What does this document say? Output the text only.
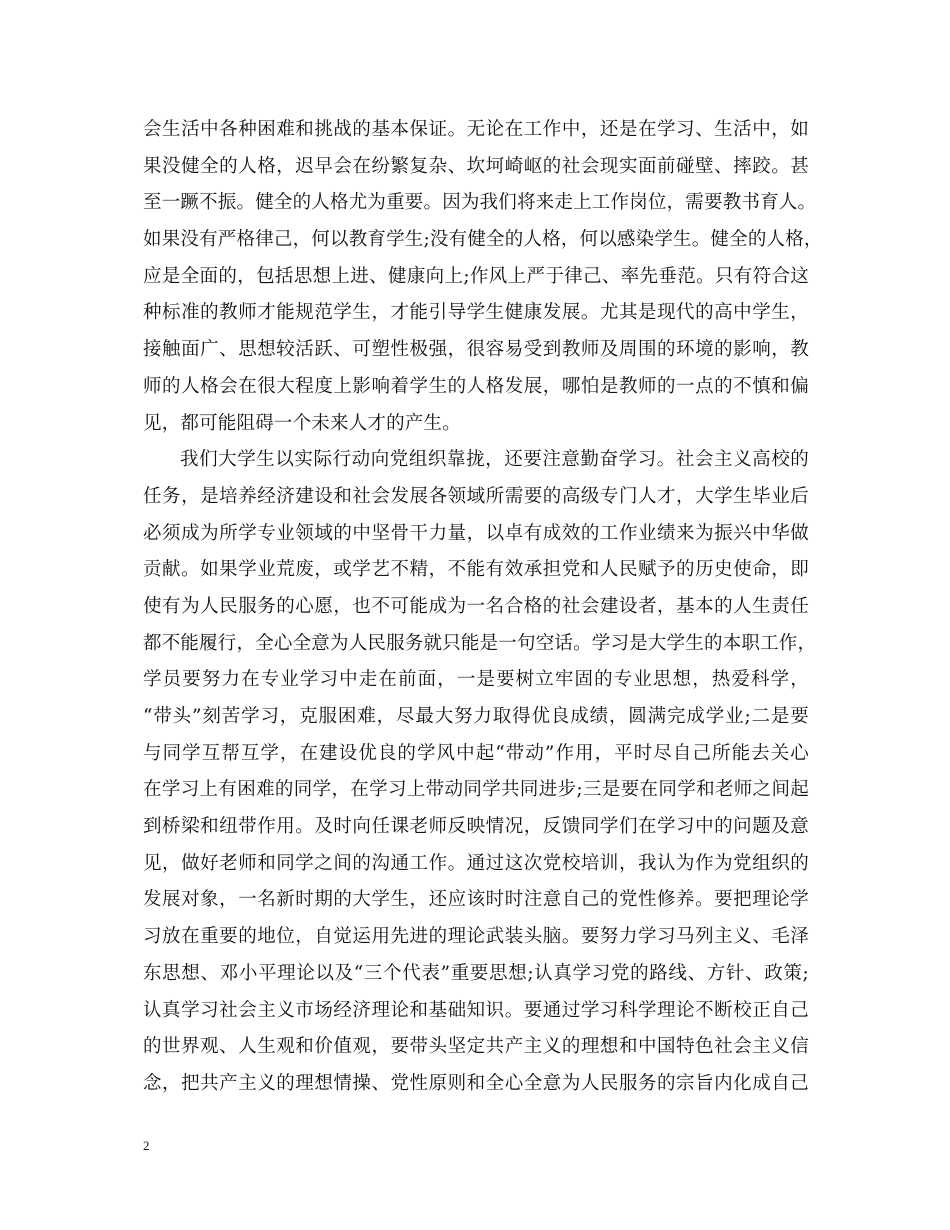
会生活中各种困难和挑战的基本保证。无论在工作中，还是在学习、生活中，如
果没健全的人格，迟早会在纷繁复杂、坎坷崎岖的社会现实面前碰壁、摔跤。甚
至一蹶不振。健全的人格尤为重要。因为我们将来走上工作岗位，需要教书育人。
如果没有严格律己，何以教育学生;没有健全的人格，何以感染学生。健全的人格，
应是全面的，包括思想上进、健康向上;作风上严于律己、率先垂范。只有符合这
种标准的教师才能规范学生，才能引导学生健康发展。尤其是现代的高中学生，
接触面广、思想较活跃、可塑性极强，很容易受到教师及周围的环境的影响，教
师的人格会在很大程度上影响着学生的人格发展，哪怕是教师的一点的不慎和偏
见，都可能阻碍一个未来人才的产生。
我们大学生以实际行动向党组织靠拢，还要注意勤奋学习。社会主义高校的
任务，是培养经济建设和社会发展各领域所需要的高级专门人才，大学生毕业后
必须成为所学专业领域的中坚骨干力量，以卓有成效的工作业绩来为振兴中华做
贡献。如果学业荒废，或学艺不精，不能有效承担党和人民赋予的历史使命，即
使有为人民服务的心愿，也不可能成为一名合格的社会建设者，基本的人生责任
都不能履行，全心全意为人民服务就只能是一句空话。学习是大学生的本职工作，
学员要努力在专业学习中走在前面，一是要树立牢固的专业思想，热爱科学，
“带头”刻苦学习，克服困难，尽最大努力取得优良成绩，圆满完成学业;二是要
与同学互帮互学，在建设优良的学风中起“带动”作用，平时尽自己所能去关心
在学习上有困难的同学，在学习上带动同学共同进步;三是要在同学和老师之间起
到桥梁和纽带作用。及时向任课老师反映情况，反馈同学们在学习中的问题及意
见，做好老师和同学之间的沟通工作。通过这次党校培训，我认为作为党组织的
发展对象，一名新时期的大学生，还应该时时注意自己的党性修养。要把理论学
习放在重要的地位，自觉运用先进的理论武装头脑。要努力学习马列主义、毛泽
东思想、邓小平理论以及“三个代表”重要思想;认真学习党的路线、方针、政策;
认真学习社会主义市场经济理论和基础知识。要通过学习科学理论不断校正自己
的世界观、人生观和价值观，要带头坚定共产主义的理想和中国特色社会主义信
念，把共产主义的理想情操、党性原则和全心全意为人民服务的宗旨内化成自己
2
